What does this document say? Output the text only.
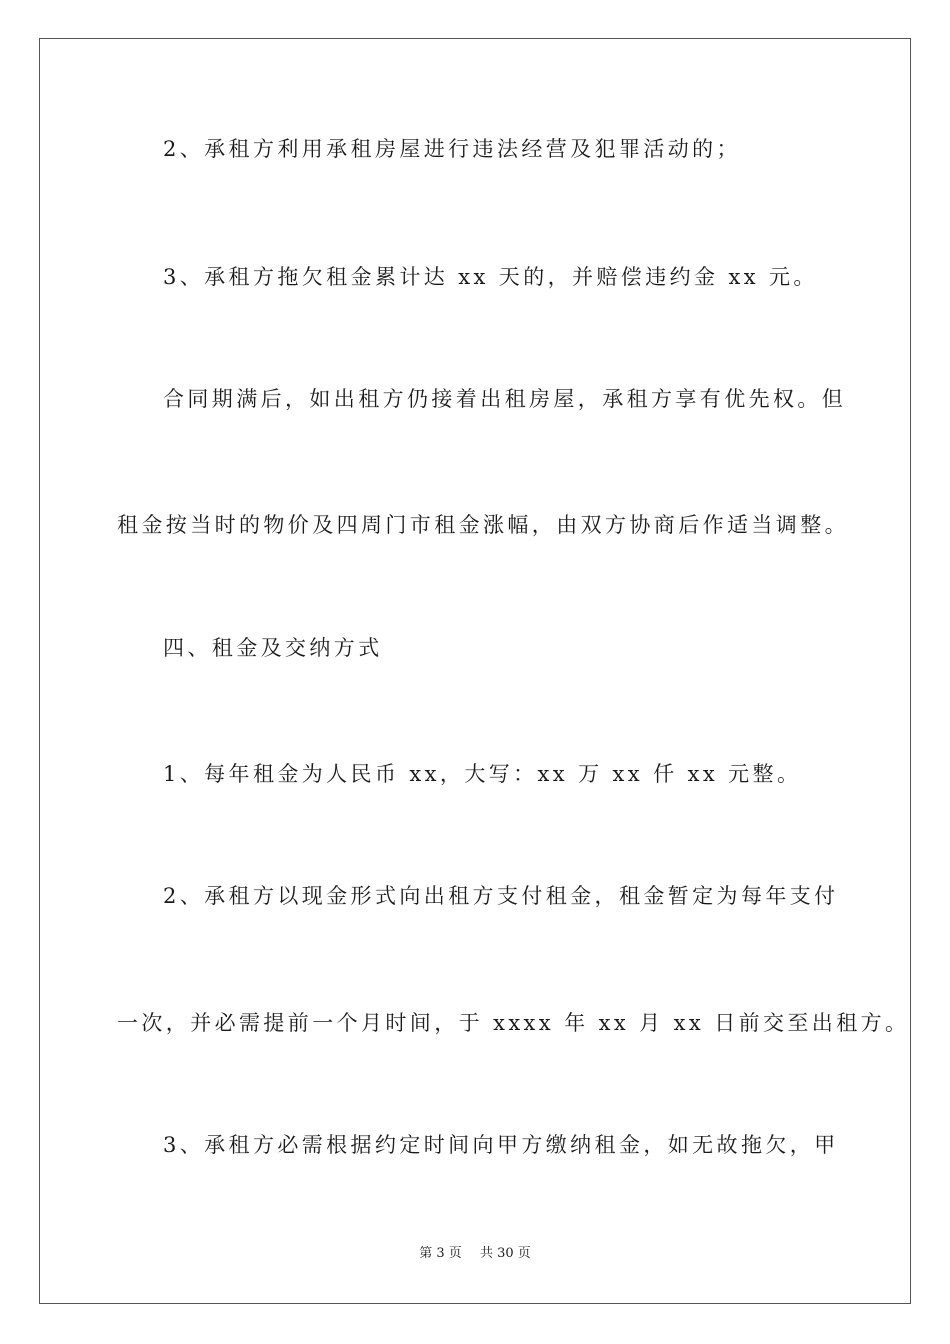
2、承租方利用承租房屋进行违法经营及犯罪活动的；
3、承租方拖欠租金累计达 xx 天的，并赔偿违约金 xx 元。
合同期满后，如出租方仍接着出租房屋，承租方享有优先权。但
租金按当时的物价及四周门市租金涨幅，由双方协商后作适当调整。
四、租金及交纳方式
1、每年租金为人民币 xx，大写：xx 万 xx 仟 xx 元整。
2、承租方以现金形式向出租方支付租金，租金暂定为每年支付
一次，并必需提前一个月时间，于 xxxx 年 xx 月 xx 日前交至出租方。
3、承租方必需根据约定时间向甲方缴纳租金，如无故拖欠，甲
第 3 页 共 30 页
